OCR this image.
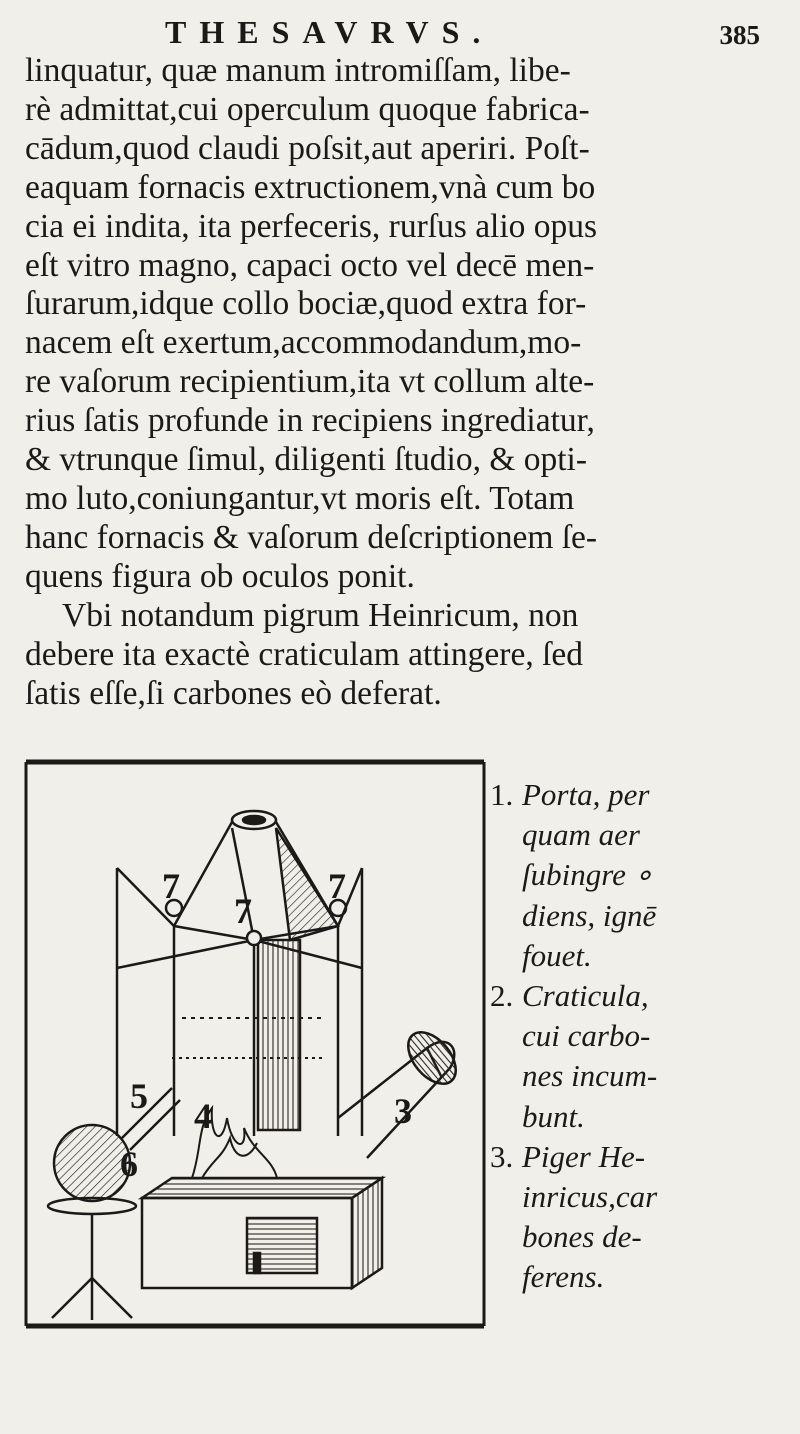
THESAVRVS.	385

linquatur, quæ manum intromiſſam, libe-
rè admittat,cui operculum quoque fabrica-
cādum,quod claudi poſsit,aut aperiri. Poſt-
eaquam fornacis extructionem,vnà cum bo
cia ei indita, ita perfeceris, rurſus alio opus
eſt vitro magno, capaci octo vel decē men-
ſurarum,idque collo bociæ,quod extra for-
nacem eſt exertum,accommodandum,mo-
re vaſorum recipientium,ita vt collum alte-
rius ſatis profunde in recipiens ingrediatur,
& vtrunque ſimul, diligenti ſtudio, & opti-
mo luto,coniungantur,vt moris eſt. Totam
hanc fornacis & vaſorum deſcriptionem ſe-
quens figura ob oculos ponit.

Vbi notandum pigrum Heinricum, non
debere ita exactè craticulam attingere, ſed
ſatis eſſe,ſi carbones eò deferat.

7
7
7
5 4
6
3
1. Porta, per
quam aer
ſubingre ∘
diens, ignē
fouet.
2. Craticula,
cui carbo-
nes incum-
bunt.
3. Piger He-
inricus,car
bones de-
ferens.
